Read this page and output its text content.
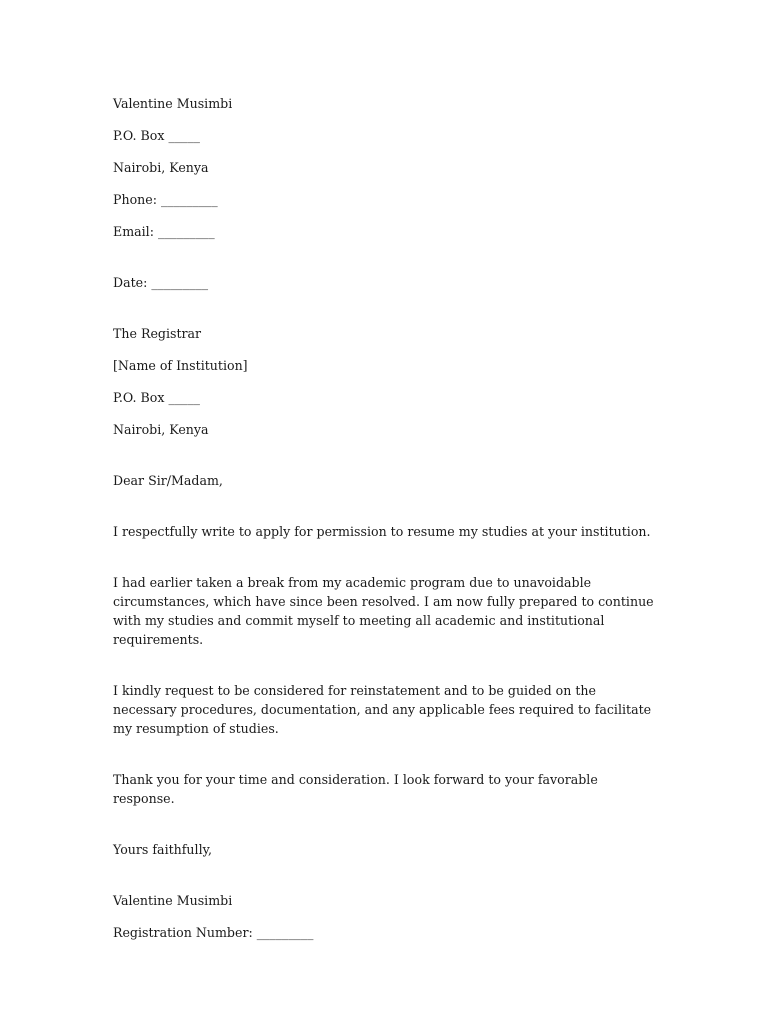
Valentine Musimbi

P.O. Box _____

Nairobi, Kenya

Phone: _________

Email: _________

Date: _________

The Registrar

[Name of Institution]

P.O. Box _____

Nairobi, Kenya

Dear Sir/Madam,

I respectfully write to apply for permission to resume my studies at your institution.

I had earlier taken a break from my academic program due to unavoidable circumstances, which have since been resolved. I am now fully prepared to continue with my studies and commit myself to meeting all academic and institutional requirements.

I kindly request to be considered for reinstatement and to be guided on the necessary procedures, documentation, and any applicable fees required to facilitate my resumption of studies.

Thank you for your time and consideration. I look forward to your favorable response.

Yours faithfully,

Valentine Musimbi

Registration Number: _________
